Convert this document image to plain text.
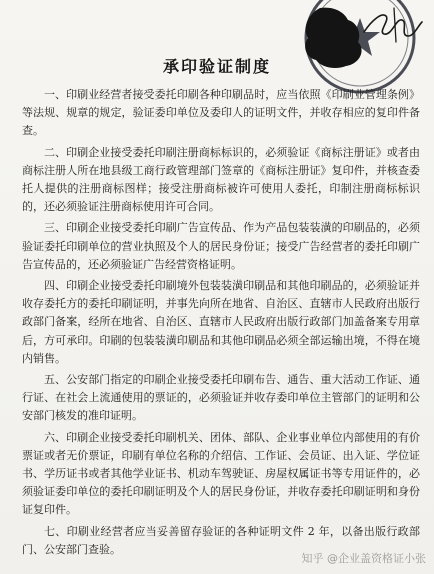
承印验证制度

一、印刷业经营者接受委托印刷各种印刷品时，应当依照《印刷业管理条例》等法规、规章的规定，验证委印单位及委印人的证明文件，并收存相应的复印件备查。

二、印刷企业接受委托印刷注册商标标识的，必须验证《商标注册证》或者由商标注册人所在地县级工商行政管理部门签章的《商标注册证》复印件，并核查委托人提供的注册商标图样；接受注册商标被许可使用人委托，印制注册商标标识的，还必须验证注册商标使用许可合同。

三、印刷企业接受委托印刷广告宣传品、作为产品包装装潢的印刷品的，必须验证委托印刷单位的营业执照及个人的居民身份证；接受广告经营者的委托印刷广告宣传品的，还必须验证广告经营资格证明。

四、印刷企业接受委托印刷境外包装装潢印刷品和其他印刷品的，必须验证并收存委托方的委托印刷证明，并事先向所在地省、自治区、直辖市人民政府出版行政部门备案，经所在地省、自治区、直辖市人民政府出版行政部门加盖备案专用章后，方可承印。印刷的包装装潢印刷品和其他印刷品必须全部运输出境，不得在境内销售。

五、公安部门指定的印刷企业接受委托印刷布告、通告、重大活动工作证、通行证、在社会上流通使用的票证的，必须验证并收存委印单位主管部门的证明和公安部门核发的准印证明。

六、印刷企业接受委托印刷机关、团体、部队、企业事业单位内部使用的有价票证或者无价票证，印刷有单位名称的介绍信、工作证、会员证、出入证、学位证书、学历证书或者其他学业证书、机动车驾驶证、房屋权属证书等专用证件的，必须验证委印单位的委托印刷证明及个人的居民身份证，并收存委托印刷证明和身份证复印件。

七、印刷业经营者应当妥善留存验证的各种证明文件 2 年，以备出版行政部门、公安部门查验。

知乎 @企业盖资格证小张
